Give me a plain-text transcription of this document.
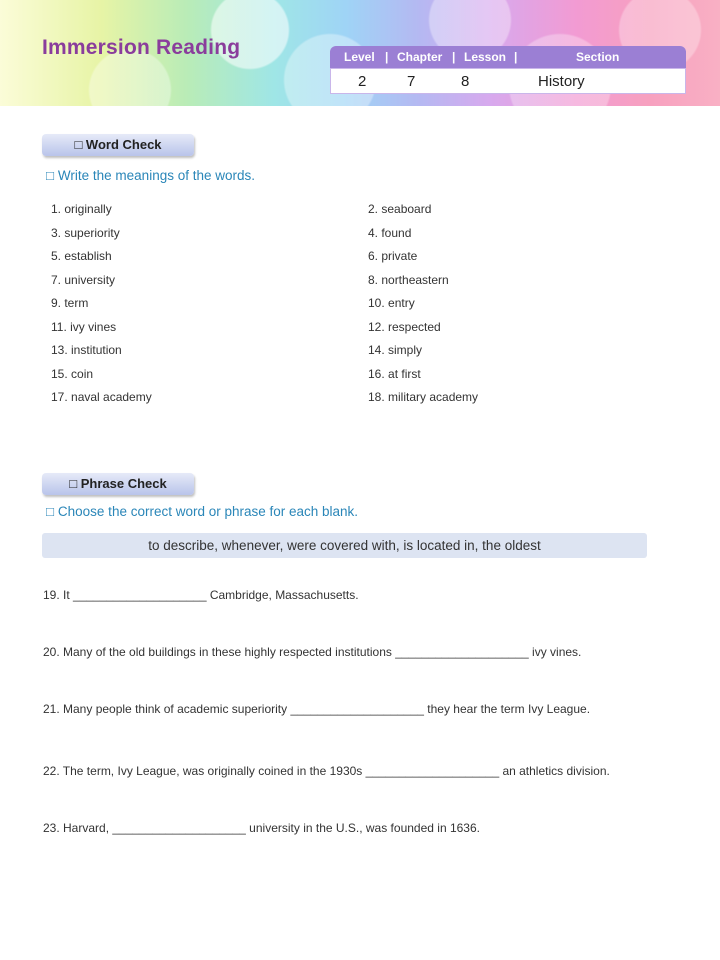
Immersion Reading	Level | Chapter | Lesson |	Section
2	7	8	History
□ Word Check
□ Write the meanings of the words.
1. originally	2. seaboard
3. superiority	4. found
5. establish	6. private
7. university	8. northeastern
9. term	10. entry
11. ivy vines	12. respected
13. institution	14. simply
15. coin	16. at first
17. naval academy	18. military academy
□ Phrase Check
□ Choose the correct word or phrase for each blank.
to describe, whenever, were covered with, is located in, the oldest
19. It ____________________ Cambridge, Massachusetts.
20. Many of the old buildings in these highly respected institutions ____________________ ivy vines.
21. Many people think of academic superiority ____________________ they hear the term Ivy League.
22. The term, Ivy League, was originally coined in the 1930s ____________________ an athletics division.
23. Harvard, ____________________ university in the U.S., was founded in 1636.
